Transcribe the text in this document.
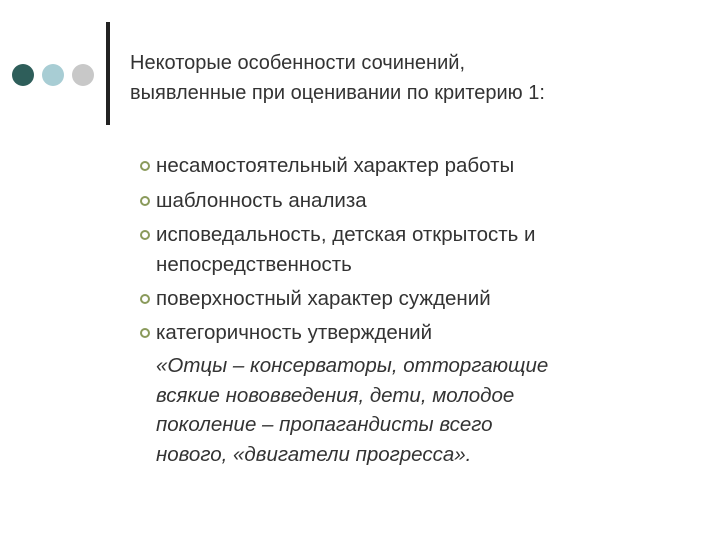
Некоторые особенности сочинений,
выявленные при оценивании по критерию 1:
несамостоятельный характер работы
шаблонность анализа
исповедальность, детская открытость и
непосредственность
поверхностный характер суждений
категоричность утверждений
«Отцы – консерваторы, отторгающие
всякие нововведения, дети, молодое
поколение – пропагандисты всего
нового, «двигатели прогресса».
